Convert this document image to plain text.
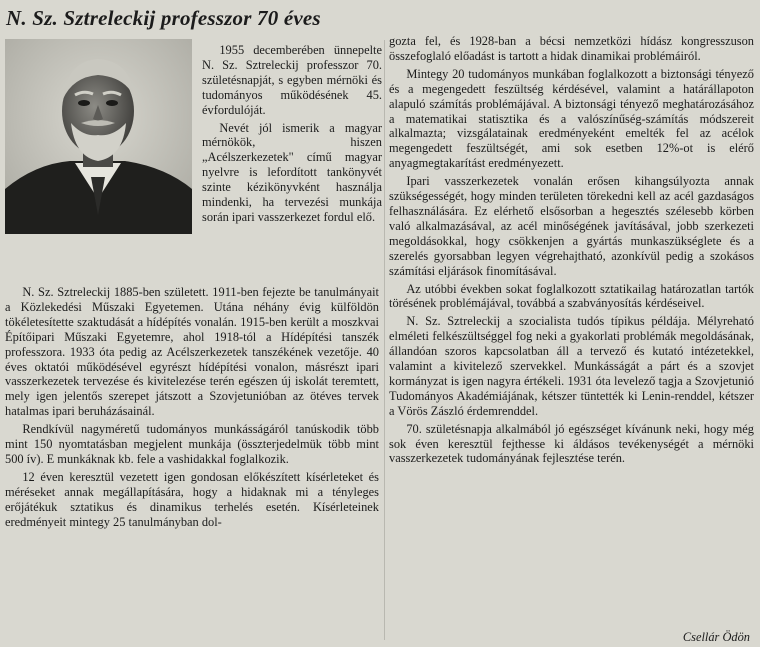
N. Sz. Sztreleckij professzor 70 éves

1955 decemberében ünnepelte N. Sz. Sztreleckij professzor 70. születésnapját, s egyben mérnöki és tudományos működésének 45. évfordulóját.

Nevét jól ismerik a magyar mérnökök, hiszen „Acélszerkezetek" című magyar nyelvre is lefordított tankönyvét szinte kézikönyvként használja mindenki, ha tervezési munkája során ipari vasszerkezet fordul elő.

N. Sz. Sztreleckij 1885-ben született. 1911-ben fejezte be tanulmányait a Közlekedési Műszaki Egyetemen. Utána néhány évig külföldön tökéletesítette szaktudását a hídépítés vonalán. 1915-ben került a moszkvai Építőipari Műszaki Egyetemre, ahol 1918-tól a Hídépítési tanszék professzora. 1933 óta pedig az Acélszerkezetek tanszékének vezetője. 40 éves oktatói működésével egyrészt hídépítési vonalon, másrészt ipari vasszerkezetek tervezése és kivitelezése terén egészen új iskolát teremtett, mely igen jelentős szerepet játszott a Szovjetunióban az ötéves tervek hatalmas ipari beruházásainál.

Rendkívül nagyméretű tudományos munkásságáról tanúskodik több mint 150 nyomtatásban megjelent munkája (összterjedelmük több mint 500 ív). E munkáknak kb. fele a vashidakkal foglalkozik.

12 éven keresztül vezetett igen gondosan előkészített kísérleteket és méréseket annak megállapítására, hogy a hidaknak mi a tényleges erőjátékuk sztatikus és dinamikus terhelés esetén. Kísérleteinek eredményeit mintegy 25 tanulmányban dol-

gozta fel, és 1928-ban a bécsi nemzetközi hídász kongresszuson összefoglaló előadást is tartott a hidak dinamikai problémáiról.

Mintegy 20 tudományos munkában foglalkozott a biztonsági tényező és a megengedett feszültség kérdésével, valamint a határállapoton alapuló számítás problémájával. A biztonsági tényező meghatározásához a matematikai statisztika és a valószínűség-számítás módszereit alkalmazta; vizsgálatainak eredményeként emelték fel az acélok megengedett feszültségét, ami sok esetben 12%-ot is elérő anyagmegtakarítást eredményezett.

Ipari vasszerkezetek vonalán erősen kihangsúlyozta annak szükségességét, hogy minden területen törekedni kell az acél gazdaságos felhasználására. Ez elérhető elsősorban a hegesztés szélesebb körben való alkalmazásával, az acél minőségének javításával, jobb szerkezeti megoldásokkal, hogy csökkenjen a gyártás munkaszükséglete és a szerelés gyorsabban legyen végrehajtható, azonkívül pedig a szokásos számítási eljárások finomításával.

Az utóbbi években sokat foglalkozott sztatikailag határozatlan tartók törésének problémájával, továbbá a szabványosítás kérdéseivel.

N. Sz. Sztreleckij a szocialista tudós típikus példája. Mélyreható elméleti felkészültséggel fog neki a gyakorlati problémák megoldásának, állandóan szoros kapcsolatban áll a tervező és kutató intézetekkel, valamint a kivitelező szervekkel. Munkásságát a párt és a szovjet kormányzat is igen nagyra értékeli. 1931 óta levelező tagja a Szovjetunió Tudományos Akadémiájának, kétszer tüntették ki Lenin-renddel, kétszer a Vörös Zászló érdemrenddel.

70. születésnapja alkalmából jó egészséget kívánunk neki, hogy még sok éven keresztül fejthesse ki áldásos tevékenységét a mérnöki vasszerkezetek tudományának fejlesztése terén.

Csellár Ödön
